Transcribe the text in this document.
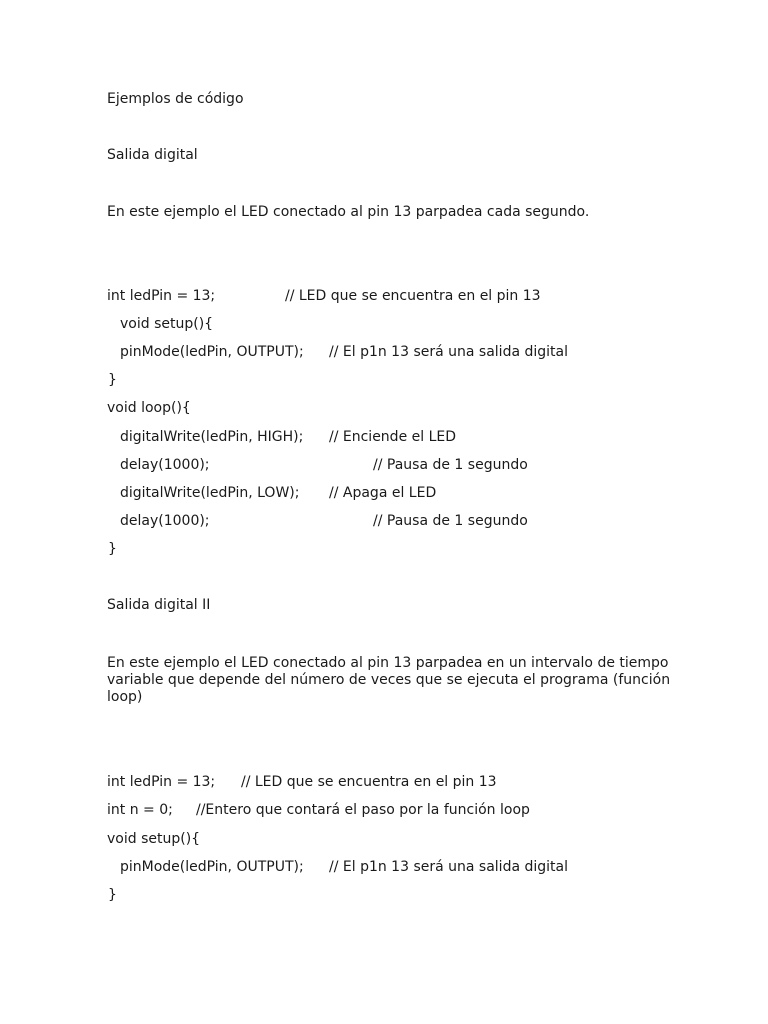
Ejemplos de código
Salida digital
En este ejemplo el LED conectado al pin 13 parpadea cada segundo.
int ledPin = 13;	// LED que se encuentra en el pin 13
void setup(){
pinMode(ledPin, OUTPUT); // El p1n 13 será una salida digital
}
void loop(){
digitalWrite(ledPin, HIGH); // Enciende el LED
delay(1000);	// Pausa de 1 segundo
digitalWrite(ledPin, LOW); // Apaga el LED
delay(1000);	// Pausa de 1 segundo
}
Salida digital II
En este ejemplo el LED conectado al pin 13 parpadea en un intervalo de tiempo variable que depende del número de veces que se ejecuta el programa (función loop)
int ledPin = 13; // LED que se encuentra en el pin 13
int n = 0; //Entero que contará el paso por la función loop
void setup(){
pinMode(ledPin, OUTPUT); // El p1n 13 será una salida digital
}
